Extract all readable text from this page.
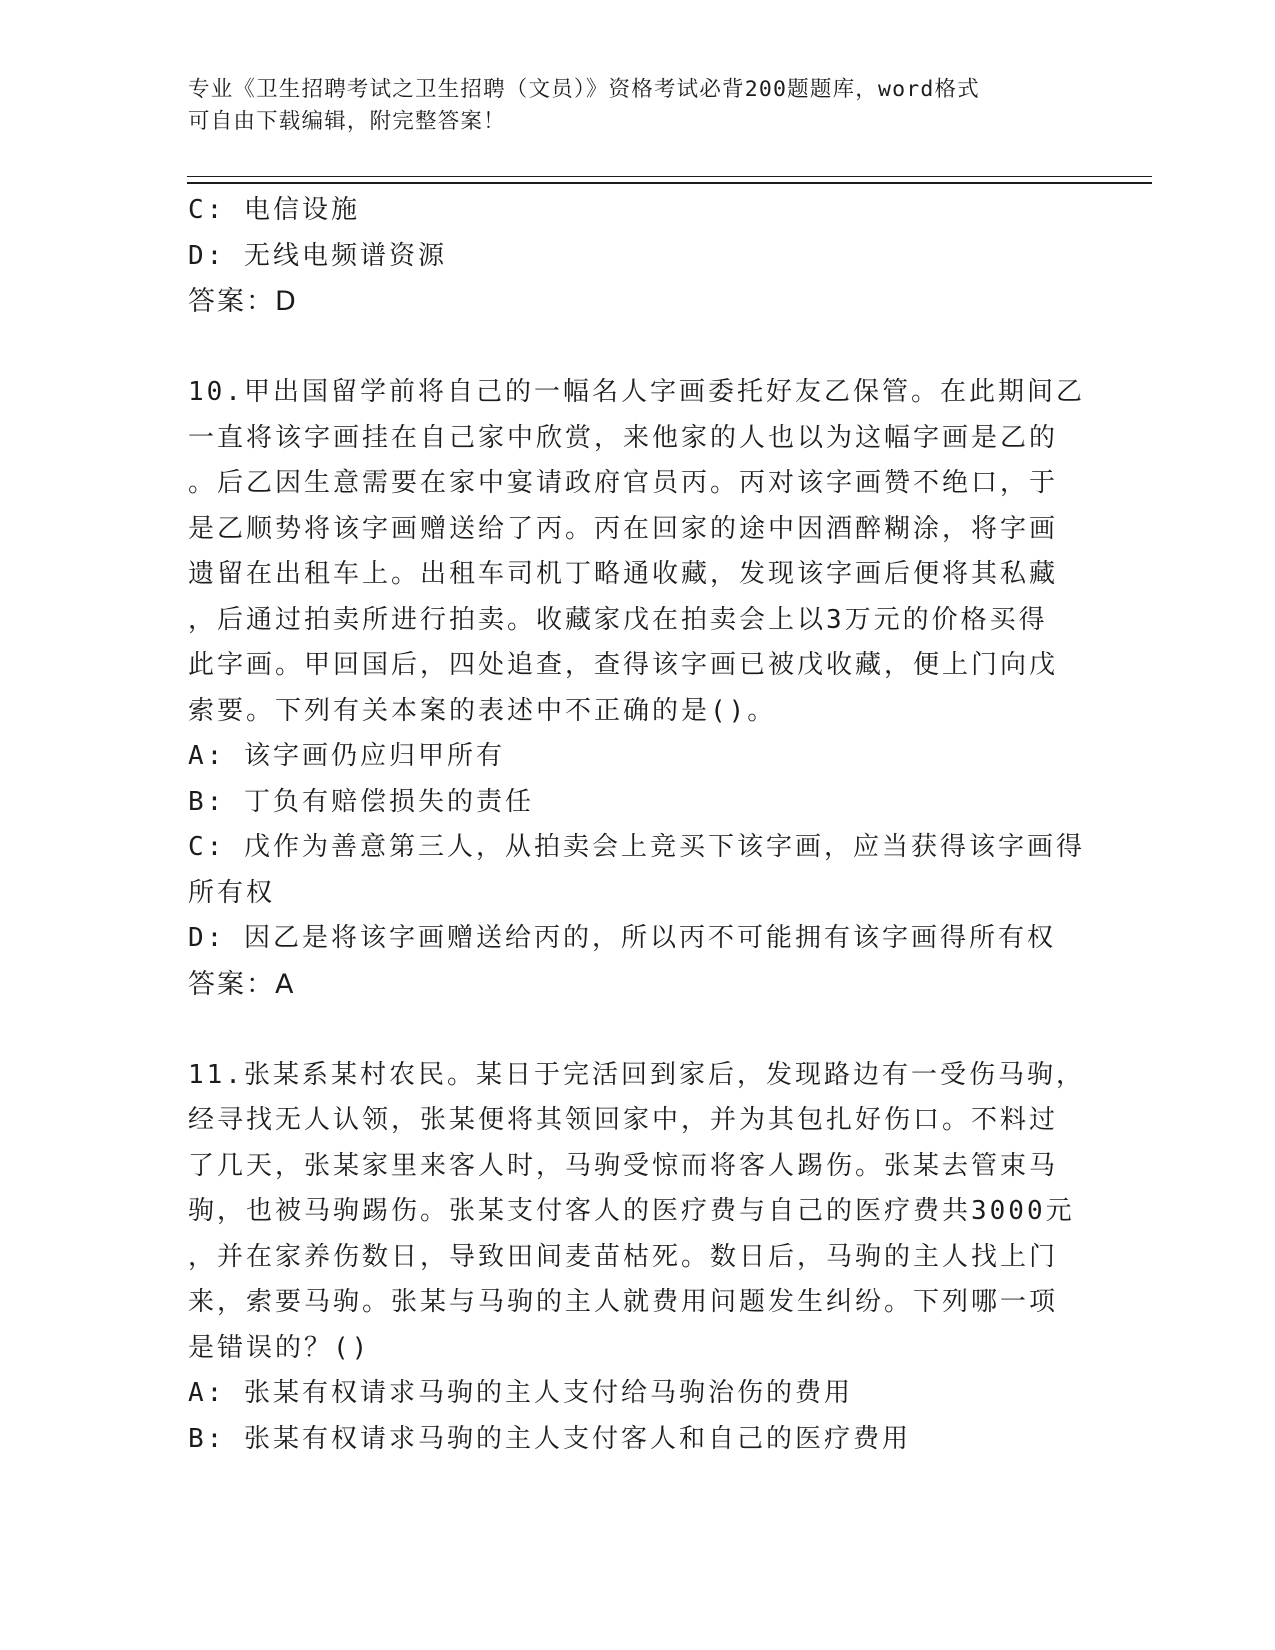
专业《卫生招聘考试之卫生招聘（文员）》资格考试必背200题题库，word格式
可自由下载编辑，附完整答案！
C: 电信设施
D: 无线电频谱资源
答案：D
10.甲出国留学前将自己的一幅名人字画委托好友乙保管。在此期间乙
一直将该字画挂在自己家中欣赏，来他家的人也以为这幅字画是乙的
。后乙因生意需要在家中宴请政府官员丙。丙对该字画赞不绝口，于
是乙顺势将该字画赠送给了丙。丙在回家的途中因酒醉糊涂，将字画
遗留在出租车上。出租车司机丁略通收藏，发现该字画后便将其私藏
，后通过拍卖所进行拍卖。收藏家戊在拍卖会上以3万元的价格买得
此字画。甲回国后，四处追查，查得该字画已被戊收藏，便上门向戊
索要。下列有关本案的表述中不正确的是()。
A: 该字画仍应归甲所有
B: 丁负有赔偿损失的责任
C: 戊作为善意第三人，从拍卖会上竞买下该字画，应当获得该字画得
所有权
D: 因乙是将该字画赠送给丙的，所以丙不可能拥有该字画得所有权
答案：A
11.张某系某村农民。某日于完活回到家后，发现路边有一受伤马驹，
经寻找无人认领，张某便将其领回家中，并为其包扎好伤口。不料过
了几天，张某家里来客人时，马驹受惊而将客人踢伤。张某去管束马
驹，也被马驹踢伤。张某支付客人的医疗费与自己的医疗费共3000元
，并在家养伤数日，导致田间麦苗枯死。数日后，马驹的主人找上门
来，索要马驹。张某与马驹的主人就费用问题发生纠纷。下列哪一项
是错误的？()
A: 张某有权请求马驹的主人支付给马驹治伤的费用
B: 张某有权请求马驹的主人支付客人和自己的医疗费用
